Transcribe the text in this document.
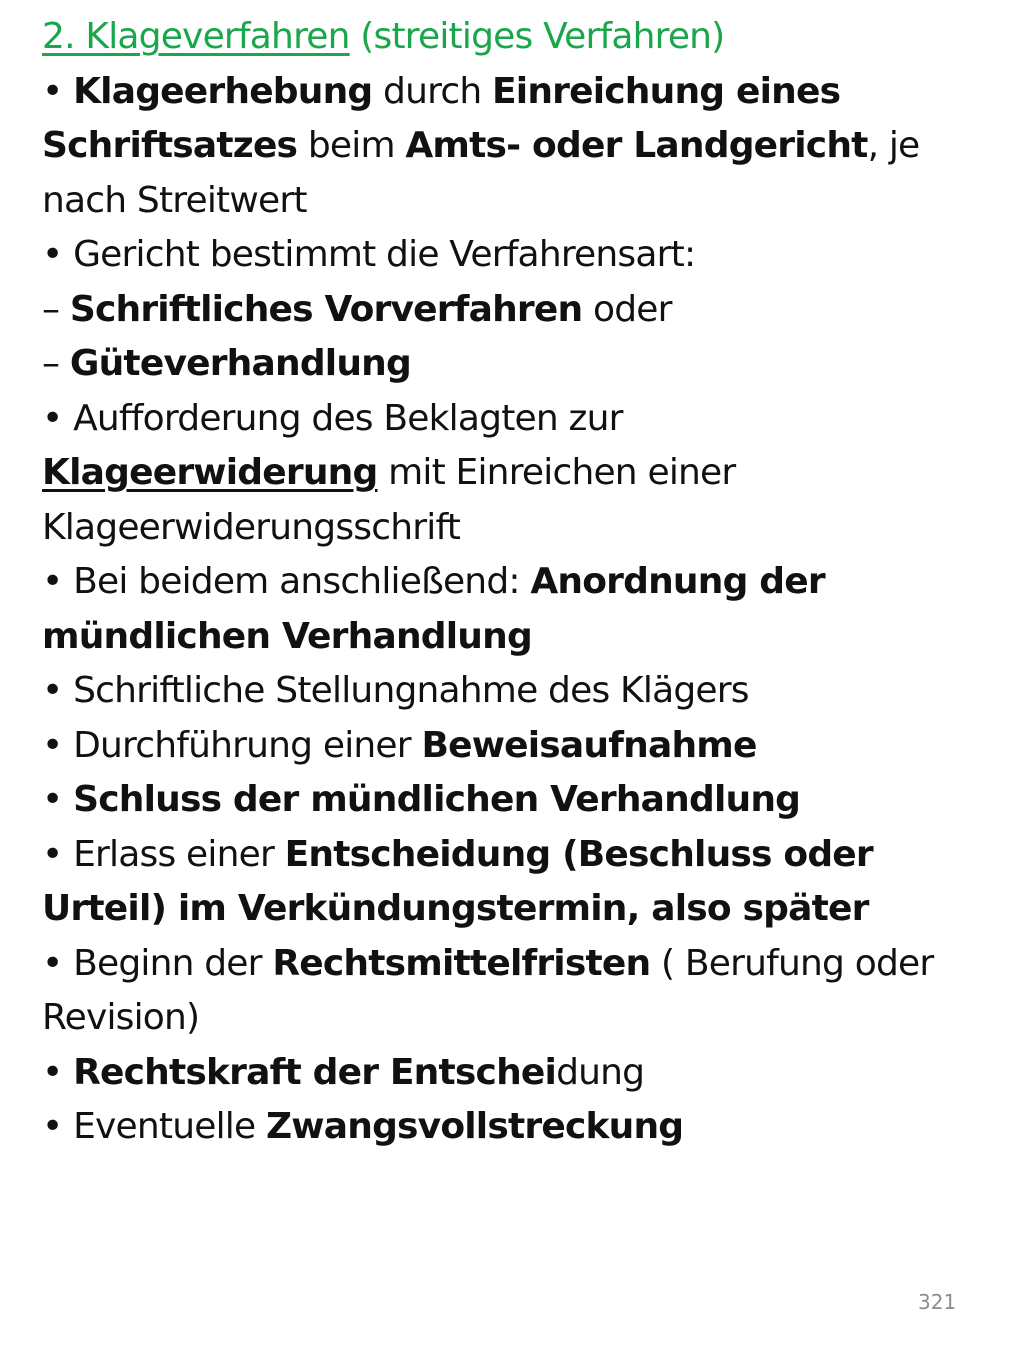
2. Klageverfahren (streitiges Verfahren)
• Klageerhebung durch Einreichung eines
Schriftsatzes beim Amts- oder Landgericht, je
nach Streitwert
• Gericht bestimmt die Verfahrensart:
– Schriftliches Vorverfahren oder
– Güteverhandlung
• Aufforderung des Beklagten zur
Klageerwiderung mit Einreichen einer
Klageerwiderungsschrift
• Bei beidem anschließend: Anordnung der
mündlichen Verhandlung
• Schriftliche Stellungnahme des Klägers
• Durchführung einer Beweisaufnahme
• Schluss der mündlichen Verhandlung
• Erlass einer Entscheidung (Beschluss oder
Urteil) im Verkündungstermin, also später
• Beginn der Rechtsmittelfristen ( Berufung oder
Revision)
• Rechtskraft der Entscheidung
• Eventuelle Zwangsvollstreckung
321
